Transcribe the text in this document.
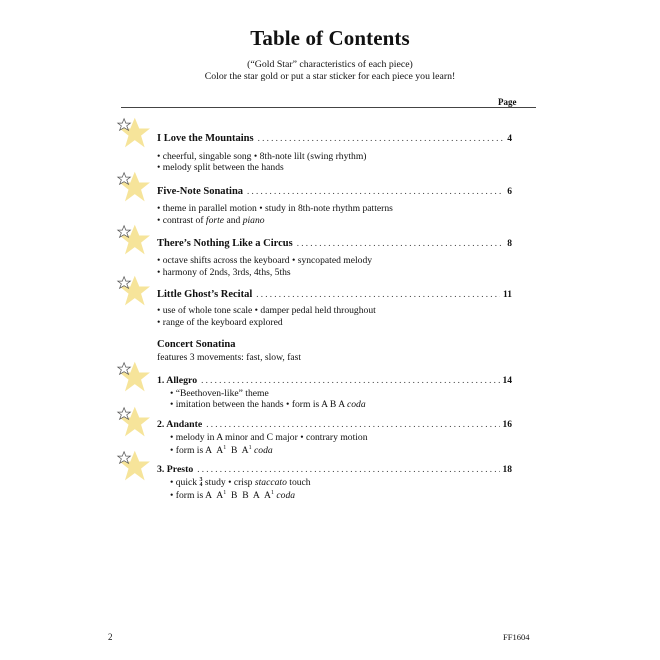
Table of Contents
(“Gold Star” characteristics of each piece)
Color the star gold or put a star sticker for each piece you learn!
Page
I Love the Mountains . . .	4
• cheerful, singable song • 8th-note lilt (swing rhythm)
• melody split between the hands
Five-Note Sonatina . . .	6
• theme in parallel motion • study in 8th-note rhythm patterns
• contrast of forte and piano
There’s Nothing Like a Circus . . .	8
• octave shifts across the keyboard • syncopated melody
• harmony of 2nds, 3rds, 4ths, 5ths
Little Ghost’s Recital . . .	11
• use of whole tone scale • damper pedal held throughout
• range of the keyboard explored
Concert Sonatina
features 3 movements: fast, slow, fast
1. Allegro . . .	14
• “Beethoven-like” theme
• imitation between the hands • form is A B A coda
2. Andante . . .	16
• melody in A minor and C major • contrary motion
• form is A  $A^1$  B  $A^1$ coda
3. Presto . . .	18
• quick 3
4 study • crisp staccato touch
• form is A  $A^1$  B  B  A  $A^1$ coda
2	FF1604
